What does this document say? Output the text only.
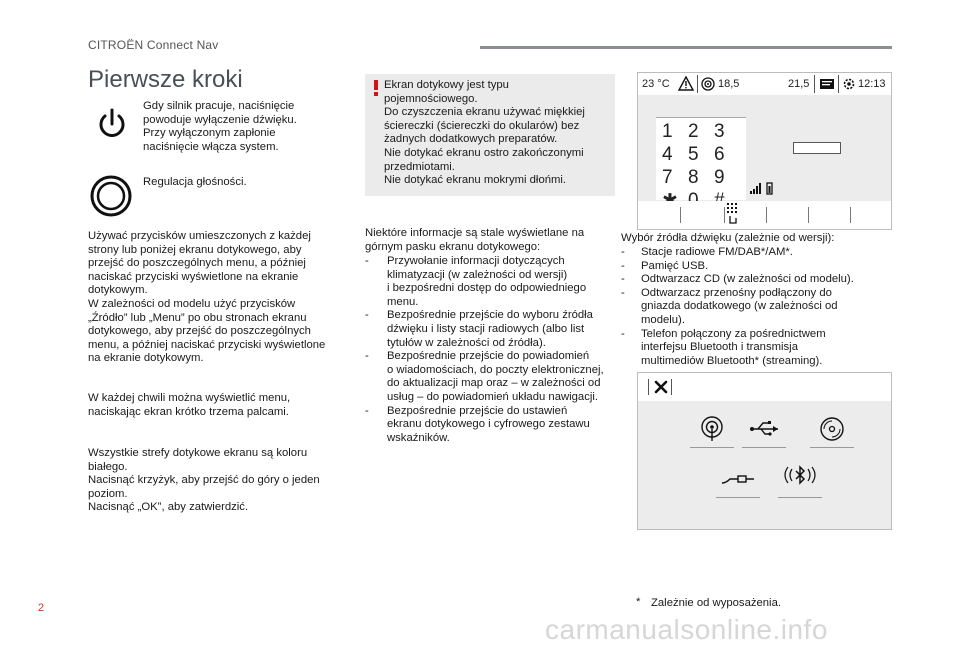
CITROËN Connect Nav
Pierwsze kroki
Gdy silnik pracuje, naciśnięcie
powoduje wyłączenie dźwięku.
Przy wyłączonym zapłonie
naciśnięcie włącza system.
Regulacja głośności.
Używać przycisków umieszczonych z każdej
strony lub poniżej ekranu dotykowego, aby
przejść do poszczególnych menu, a później
naciskać przyciski wyświetlone na ekranie
dotykowym.
W zależności od modelu użyć przycisków
„Źródło” lub „Menu” po obu stronach ekranu
dotykowego, aby przejść do poszczególnych
menu, a później naciskać przyciski wyświetlone
na ekranie dotykowym.
W każdej chwili można wyświetlić menu,
naciskając ekran krótko trzema palcami.
Wszystkie strefy dotykowe ekranu są koloru
białego.
Nacisnąć krzyżyk, aby przejść do góry o jeden
poziom.
Nacisnąć „OK”, aby zatwierdzić.
Ekran dotykowy jest typu
pojemnościowego.
Do czyszczenia ekranu używać miękkiej
ściereczki (ściereczki do okularów) bez
żadnych dodatkowych preparatów.
Nie dotykać ekranu ostro zakończonymi
przedmiotami.
Nie dotykać ekranu mokrymi dłońmi.
Niektóre informacje są stale wyświetlane na
górnym pasku ekranu dotykowego:
- Przywołanie informacji dotyczących
klimatyzacji (w zależności od wersji)
i bezpośredni dostęp do odpowiedniego
menu.
- Bezpośrednie przejście do wyboru źródła
dźwięku i listy stacji radiowych (albo list
tytułów w zależności od źródła).
- Bezpośrednie przejście do powiadomień
o wiadomościach, do poczty elektronicznej,
do aktualizacji map oraz – w zależności od
usług – do powiadomień układu nawigacji.
- Bezpośrednie przejście do ustawień
ekranu dotykowego i cyfrowego zestawu
wskaźników.
23 °C	18,5	21,5	12:13
1 2 3
4 5 6
7 8 9
Wybór źródła dźwięku (zależnie od wersji):
- Stacje radiowe FM/DAB*/AM*.
- Pamięć USB.
- Odtwarzacz CD (w zależności od modelu).
- Odtwarzacz przenośny podłączony do
gniazda dodatkowego (w zależności od
modelu).
- Telefon połączony za pośrednictwem
interfejsu Bluetooth i transmisja
multimediów Bluetooth* (streaming).
* Zależnie od wyposażenia.
2
carmanualsonline.info
